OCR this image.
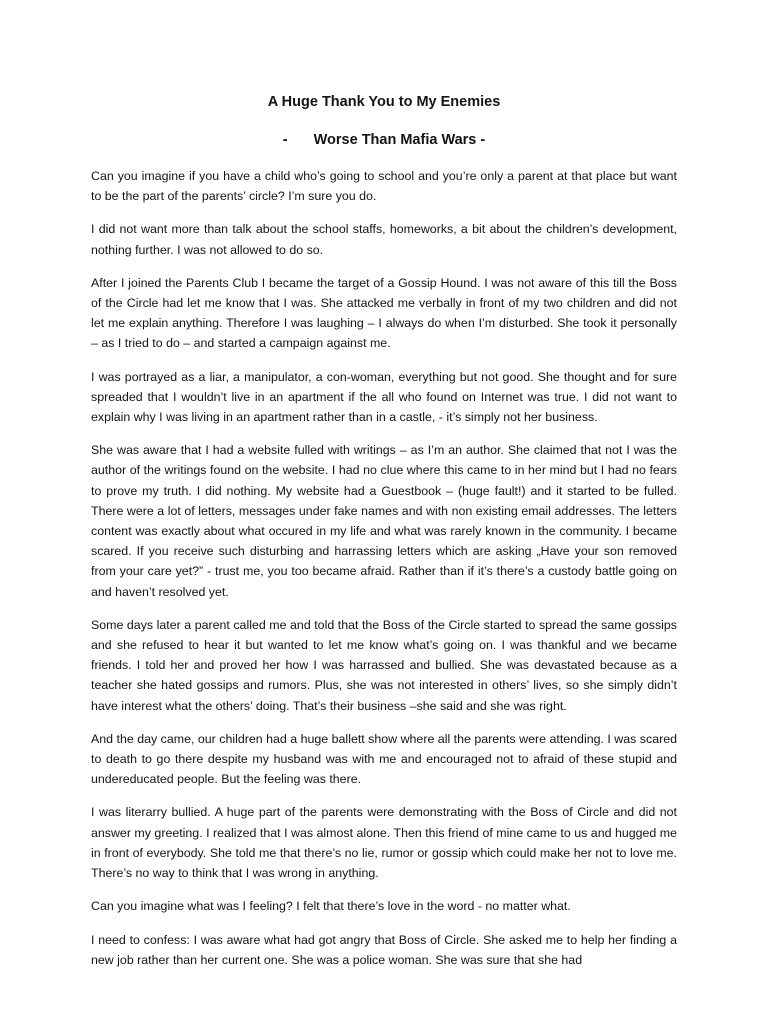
A Huge Thank You to My Enemies
- Worse Than Mafia Wars -

Can you imagine if you have a child who’s going to school and you’re only a parent at that place but want to be the part of the parents’ circle? I’m sure you do.

I did not want more than talk about the school staffs, homeworks, a bit about the children’s development, nothing further. I was not allowed to do so.

After I joined the Parents Club I became the target of a Gossip Hound. I was not aware of this till the Boss of the Circle had let me know that I was. She attacked me verbally in front of my two children and did not let me explain anything. Therefore I was laughing – I always do when I’m disturbed. She took it personally – as I tried to do – and started a campaign against me.

I was portrayed as a liar, a manipulator, a con-woman, everything but not good. She thought and for sure spreaded that I wouldn’t live in an apartment if the all who found on Internet was true. I did not want to explain why I was living in an apartment rather than in a castle, - it’s simply not her business.

She was aware that I had a website fulled with writings – as I’m an author. She claimed that not I was the author of the writings found on the website. I had no clue where this came to in her mind but I had no fears to prove my truth. I did nothing. My website had a Guestbook – (huge fault!) and it started to be fulled. There were a lot of letters, messages under fake names and with non existing email addresses. The letters content was exactly about what occured in my life and what was rarely known in the community. I became scared. If you receive such disturbing and harrassing letters which are asking „Have your son removed from your care yet?” - trust me, you too became afraid. Rather than if it’s there’s a custody battle going on and haven’t resolved yet.

Some days later a parent called me and told that the Boss of the Circle started to spread the same gossips and she refused to hear it but wanted to let me know what’s going on. I was thankful and we became friends. I told her and proved her how I was harrassed and bullied. She was devastated because as a teacher she hated gossips and rumors. Plus, she was not interested in others’ lives, so she simply didn’t have interest what the others’ doing. That’s their business –she said and she was right.

And the day came, our children had a huge ballett show where all the parents were attending. I was scared to death to go there despite my husband was with me and encouraged not to afraid of these stupid and undereducated people. But the feeling was there.

I was literarry bullied. A huge part of the parents were demonstrating with the Boss of Circle and did not answer my greeting. I realized that I was almost alone. Then this friend of mine came to us and hugged me in front of everybody. She told me that there’s no lie, rumor or gossip which could make her not to love me. There’s no way to think that I was wrong in anything.

Can you imagine what was I feeling? I felt that there’s love in the word - no matter what.

I need to confess: I was aware what had got angry that Boss of Circle. She asked me to help her finding a new job rather than her current one. She was a police woman. She was sure that she had
